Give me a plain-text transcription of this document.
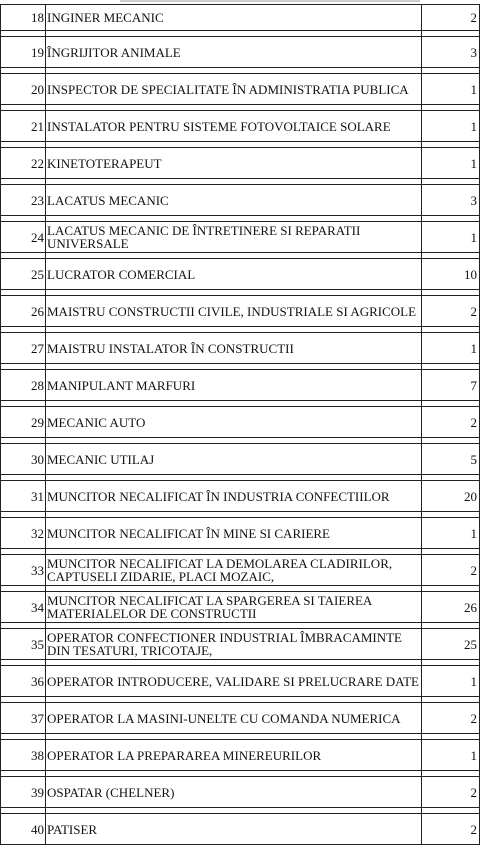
18	INGINER MECANIC	2

19	ÎNGRIJITOR ANIMALE	3

20	INSPECTOR DE SPECIALITATE ÎN ADMINISTRATIA PUBLICA	1

21	INSTALATOR PENTRU SISTEME FOTOVOLTAICE SOLARE	1

22	KINETOTERAPEUT	1

23	LACATUS MECANIC	3

24	LACATUS MECANIC DE ÎNTRETINERE SI REPARATII UNIVERSALE	1

25	LUCRATOR COMERCIAL	10

26	MAISTRU CONSTRUCTII CIVILE, INDUSTRIALE SI AGRICOLE	2

27	MAISTRU INSTALATOR ÎN CONSTRUCTII	1

28	MANIPULANT MARFURI	7

29	MECANIC AUTO	2

30	MECANIC UTILAJ	5

31	MUNCITOR NECALIFICAT ÎN INDUSTRIA CONFECTIILOR	20

32	MUNCITOR NECALIFICAT ÎN MINE SI CARIERE	1

33	MUNCITOR NECALIFICAT LA DEMOLAREA CLADIRILOR, CAPTUSELI ZIDARIE, PLACI MOZAIC,	2

34	MUNCITOR NECALIFICAT LA SPARGEREA SI TAIEREA MATERIALELOR DE CONSTRUCTII	26

35	OPERATOR CONFECTIONER INDUSTRIAL ÎMBRACAMINTE DIN TESATURI, TRICOTAJE,	25

36	OPERATOR INTRODUCERE, VALIDARE SI PRELUCRARE DATE	1

37	OPERATOR LA MASINI-UNELTE CU COMANDA NUMERICA	2

38	OPERATOR LA PREPARAREA MINEREURILOR	1

39	OSPATAR (CHELNER)	2

40	PATISER	2
